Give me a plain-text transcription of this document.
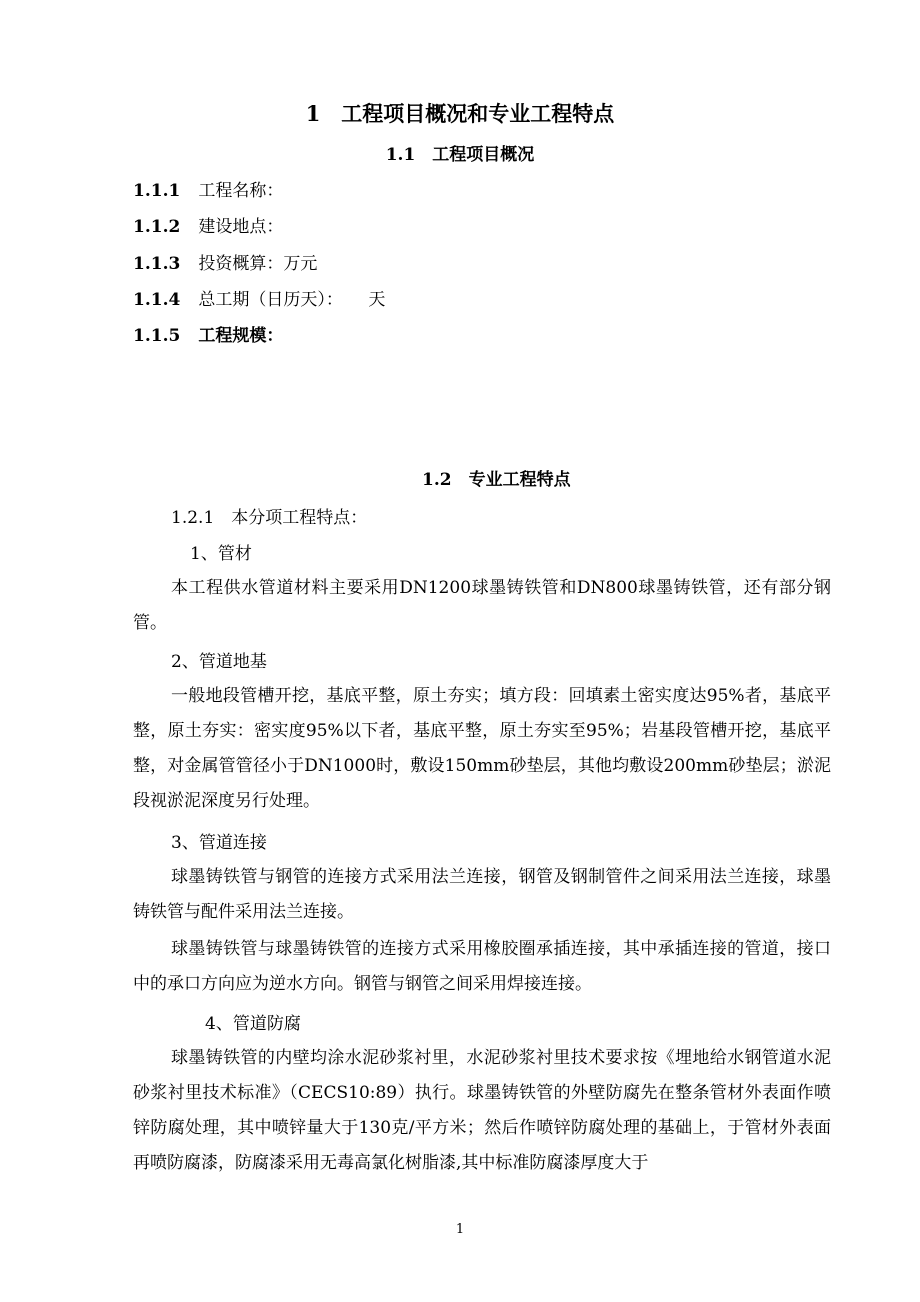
1　工程项目概况和专业工程特点
1.1　 工程项目概况
1.1.1 工程名称：
1.1.2 建设地点：
1.1.3 投资概算：万元
1.1.4 总工期（日历天）：　　天
1.1.5 工程规模：
1.2　 专业工程特点
1.2.1　本分项工程特点：
1、管材

本工程供水管道材料主要采用DN1200球墨铸铁管和DN800球墨铸铁管，还有部分钢管。

2、管道地基

一般地段管槽开挖，基底平整，原土夯实；填方段：回填素土密实度达95%者，基底平整，原土夯实：密实度95%以下者，基底平整，原土夯实至95%；岩基段管槽开挖，基底平整，对金属管管径小于DN1000时，敷设150mm砂垫层，其他均敷设200mm砂垫层；淤泥段视淤泥深度另行处理。

3、管道连接

球墨铸铁管与钢管的连接方式采用法兰连接，钢管及钢制管件之间采用法兰连接，球墨铸铁管与配件采用法兰连接。

球墨铸铁管与球墨铸铁管的连接方式采用橡胶圈承插连接，其中承插连接的管道，接口中的承口方向应为逆水方向。钢管与钢管之间采用焊接连接。

4、管道防腐

球墨铸铁管的内壁均涂水泥砂浆衬里，水泥砂浆衬里技术要求按《埋地给水钢管道水泥砂浆衬里技术标准》（CECS10:89）执行。球墨铸铁管的外壁防腐先在整条管材外表面作喷锌防腐处理，其中喷锌量大于130克/平方米；然后作喷锌防腐处理的基础上，于管材外表面再喷防腐漆，防腐漆采用无毒高氯化树脂漆,其中标准防腐漆厚度大于

1
